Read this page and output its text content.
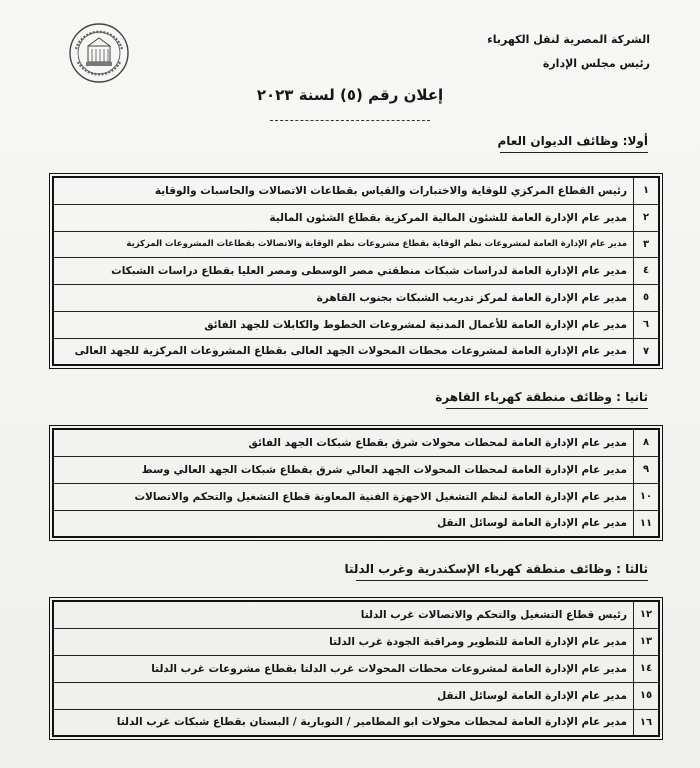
الشركة المصرية لنقل الكهرباء
رئيس مجلس الإدارة
إعلان رقم (٥) لسنة ٢٠٢٣
أولا: وظائف الديوان العام
١	رئيس القطاع المركزي للوقاية والاختبارات والقياس بقطاعات الاتصالات والحاسبات والوقاية
٢	مدير عام الإدارة العامة للشئون المالية المركزية بقطاع الشئون المالية
٣	مدير عام الإدارة العامة لمشروعات نظم الوقاية بقطاع مشروعات نظم الوقاية والاتصالات بقطاعات المشروعات المركزية
٤	مدير عام الإدارة العامة لدراسات شبكات منطقتي مصر الوسطى ومصر العليا بقطاع دراسات الشبكات
٥	مدير عام الإدارة العامة لمركز تدريب الشبكات بجنوب القاهرة
٦	مدير عام الإدارة العامة للأعمال المدنية لمشروعات الخطوط والكابلات للجهد الفائق
٧	مدير عام الإدارة العامة لمشروعات محطات المحولات الجهد العالى بقطاع المشروعات المركزية للجهد العالى
ثانيا : وظائف منطقة كهرباء القاهرة
٨	مدير عام الإدارة العامة لمحطات محولات شرق بقطاع شبكات الجهد الفائق
٩	مدير عام الإدارة العامة لمحطات المحولات الجهد العالي شرق بقطاع شبكات الجهد العالي وسط
١٠	مدير عام الإدارة العامة لنظم التشغيل الاجهزة الفنية المعاونة قطاع التشغيل والتحكم والاتصالات
١١	مدير عام الإدارة العامة لوسائل النقل
ثالثا : وظائف منطقة كهرباء الإسكندرية وغرب الدلتا
١٢	رئيس قطاع التشغيل والتحكم والاتصالات غرب الدلتا
١٣	مدير عام الإدارة العامة للتطوير ومراقبة الجودة غرب الدلتا
١٤	مدير عام الإدارة العامة لمشروعات محطات المحولات غرب الدلتا بقطاع مشروعات غرب الدلتا
١٥	مدير عام الإدارة العامة لوسائل النقل
١٦	مدير عام الإدارة العامة لمحطات محولات ابو المطامير / النوبارية / البستان بقطاع شبكات غرب الدلتا
